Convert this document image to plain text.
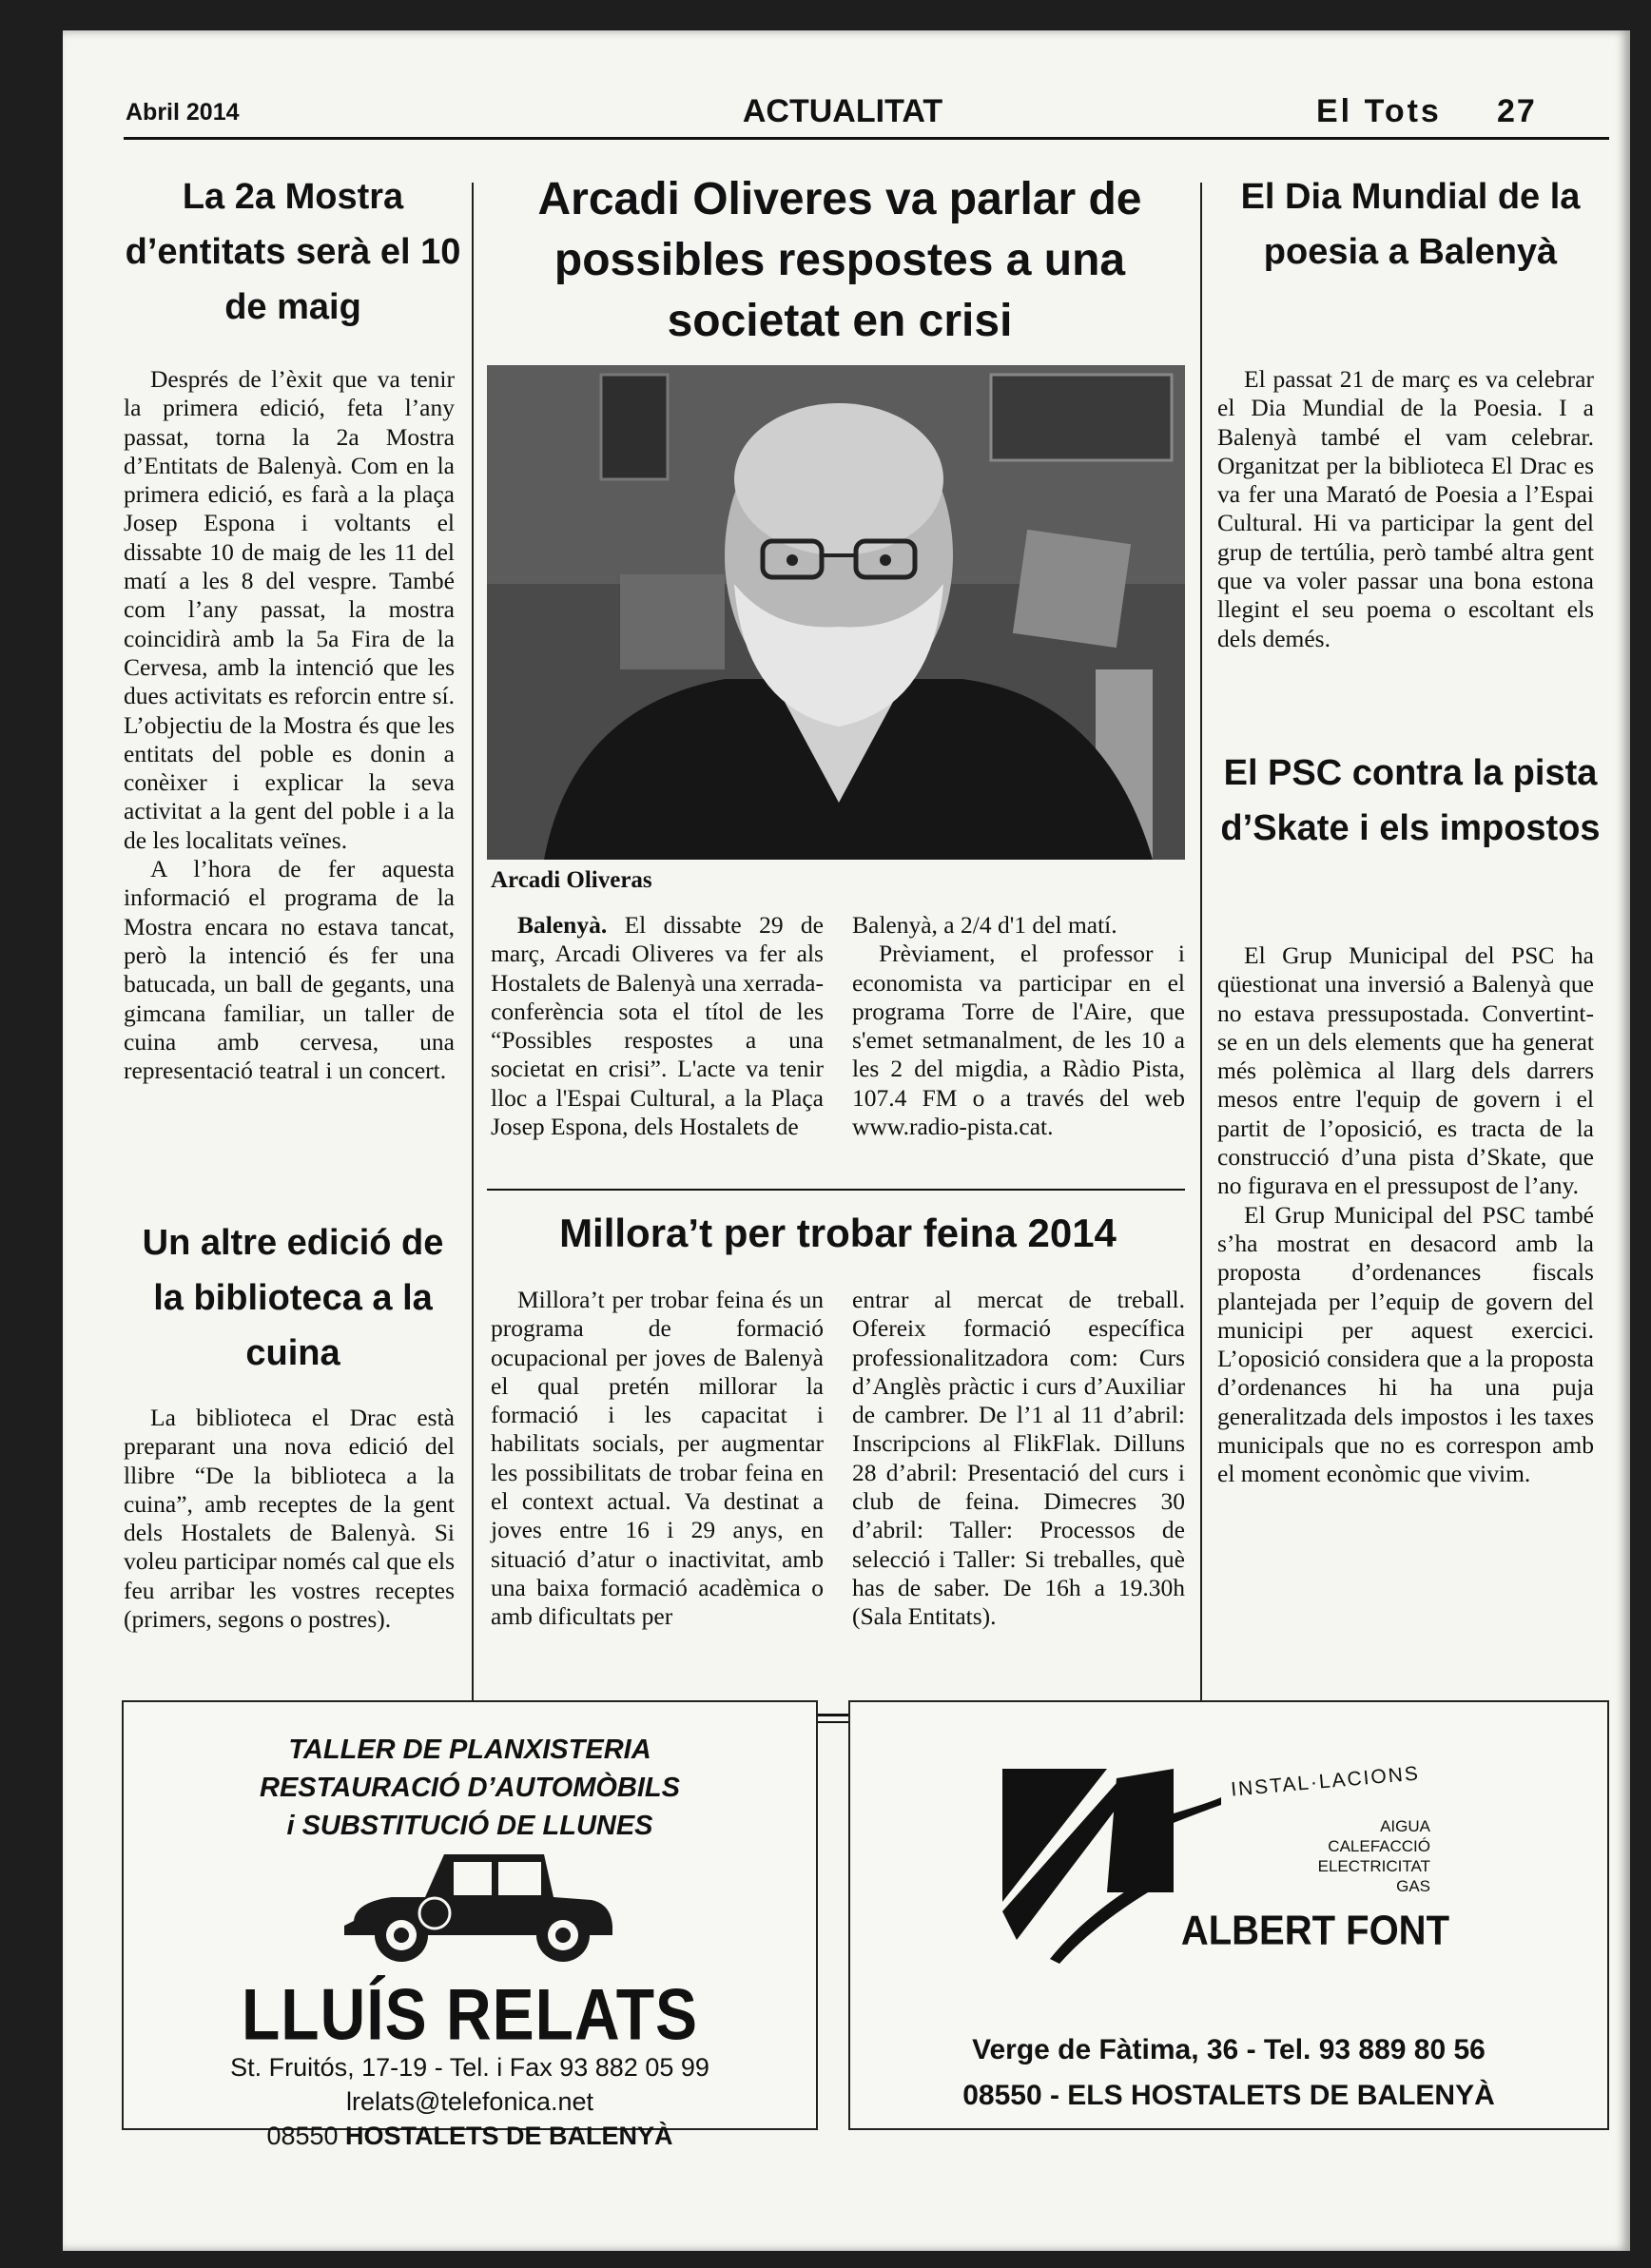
Abril 2014	ACTUALITAT	El Tots 27
La 2a Mostra d’entitats serà el 10 de maig

Després de l’èxit que va tenir la primera edició, feta l’any passat, torna la 2a Mostra d’Entitats de Balenyà. Com en la primera edició, es farà a la plaça Josep Espona i voltants el dissabte 10 de maig de les 11 del matí a les 8 del vespre. També com l’any passat, la mostra coincidirà amb la 5a Fira de la Cervesa, amb la intenció que les dues activitats es reforcin entre sí. L’objectiu de la Mostra és que les entitats del poble es donin a conèixer i explicar la seva activitat a la gent del poble i a la de les localitats veïnes.

A l’hora de fer aquesta informació el programa de la Mostra encara no estava tancat, però la intenció és fer una batucada, un ball de gegants, una gimcana familiar, un taller de cuina amb cervesa, una representació teatral i un concert.

Un altre edició de la biblioteca a la cuina

La biblioteca el Drac està preparant una nova edició del llibre “De la biblioteca a la cuina”, amb receptes de la gent dels Hostalets de Balenyà. Si voleu participar només cal que els feu arribar les vostres receptes (primers, segons o postres).

Arcadi Oliveres va parlar de possibles respostes a una societat en crisi
Arcadi Oliveras

Balenyà. El dissabte 29 de març, Arcadi Oliveres va fer als Hostalets de Balenyà una xerrada-conferència sota el títol de les “Possibles respostes a una societat en crisi”. L'acte va tenir lloc a l'Espai Cultural, a la Plaça Josep Espona, dels Hostalets de

Balenyà, a 2/4 d'1 del matí.

Prèviament, el professor i economista va participar en el programa Torre de l'Aire, que s'emet setmanalment, de les 10 a les 2 del migdia, a Ràdio Pista, 107.4 FM o a través del web www.radio-pista.cat.

Millora’t per trobar feina 2014

Millora’t per trobar feina és un programa de formació ocupacional per joves de Balenyà el qual pretén millorar la formació i les capacitat i habilitats socials, per augmentar les possibilitats de trobar feina en el context actual. Va destinat a joves entre 16 i 29 anys, en situació d’atur o inactivitat, amb una baixa formació acadèmica o amb dificultats per

entrar al mercat de treball. Ofereix formació específica professionalitzadora com: Curs d’Anglès pràctic i curs d’Auxiliar de cambrer. De l’1 al 11 d’abril: Inscripcions al FlikFlak. Dilluns 28 d’abril: Presentació del curs i club de feina. Dimecres 30 d’abril: Taller: Processos de selecció i Taller: Si treballes, què has de saber. De 16h a 19.30h (Sala Entitats).

El Dia Mundial de la poesia a Balenyà

El passat 21 de març es va celebrar el Dia Mundial de la Poesia. I a Balenyà també el vam celebrar. Organitzat per la biblioteca El Drac es va fer una Marató de Poesia a l’Espai Cultural. Hi va participar la gent del grup de tertúlia, però també altra gent que va voler passar una bona estona llegint el seu poema o escoltant els dels demés.

El PSC contra la pista d’Skate i els impostos

El Grup Municipal del PSC ha qüestionat una inversió a Balenyà que no estava pressupostada. Convertint-se en un dels elements que ha generat més polèmica al llarg dels darrers mesos entre l'equip de govern i el partit de l’oposició, es tracta de la construcció d’una pista d’Skate, que no figurava en el pressupost de l’any.

El Grup Municipal del PSC també s’ha mostrat en desacord amb la proposta d’ordenances fiscals plantejada per l’equip de govern del municipi per aquest exercici. L’oposició considera que a la proposta d’ordenances hi ha una puja generalitzada dels impostos i les taxes municipals que no es correspon amb el moment econòmic que vivim.

TALLER DE PLANXISTERIA
RESTAURACIÓ D’AUTOMÒBILS
i SUBSTITUCIÓ DE LLUNES
LLUÍS RELATS
St. Fruitós, 17-19 - Tel. i Fax 93 882 05 99
lrelats@telefonica.net
08550 HOSTALETS DE BALENYÀ
INSTAL·LACIONS
AIGUA
CALEFACCIÓ
ELECTRICITAT
GAS
ALBERT FONT
Verge de Fàtima, 36 - Tel. 93 889 80 56
08550 - ELS HOSTALETS DE BALENYÀ
